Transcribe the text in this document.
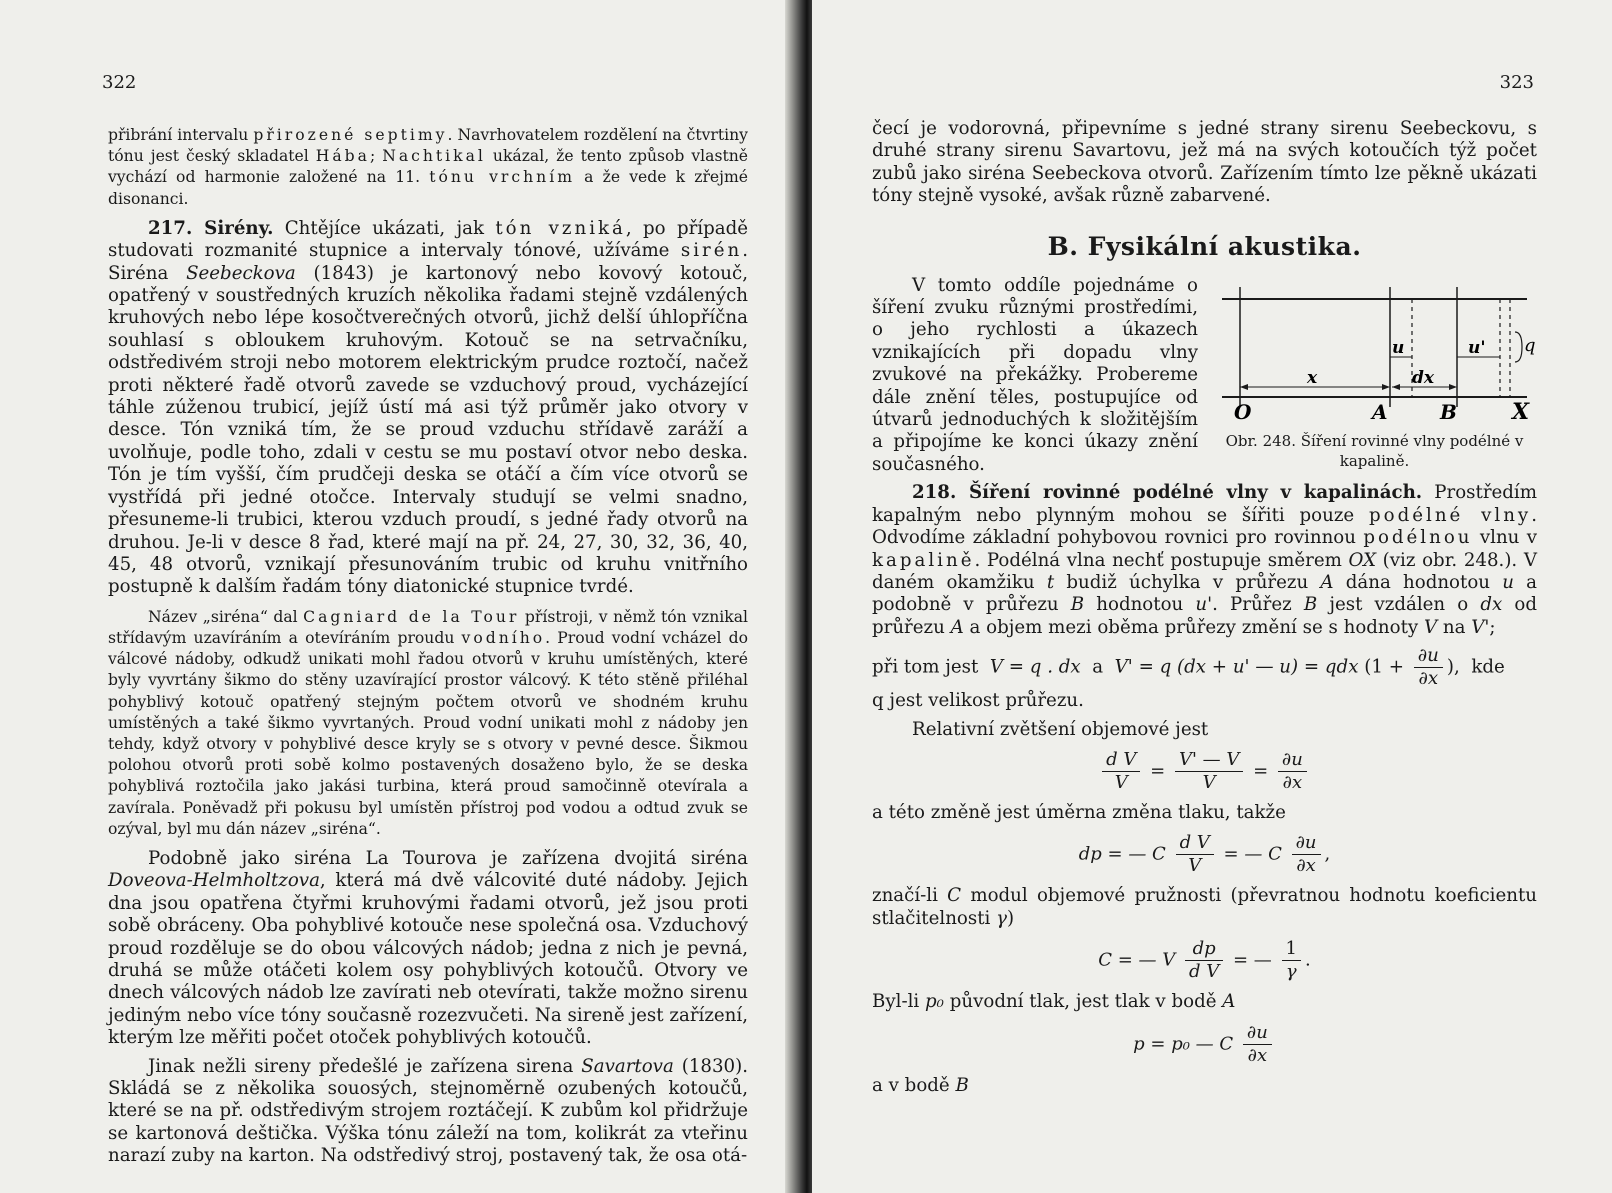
322

přibrání intervalu přirozené septimy. Navrhovatelem rozdělení na čtvrtiny tónu jest český skladatel Hába; Nachtikal ukázal, že tento způsob vlastně vychází od harmonie založené na 11. tónu vrchním a že vede k zřejmé disonanci.

217. Sirény. Chtějíce ukázati, jak tón vzniká, po případě studovati rozmanité stupnice a intervaly tónové, užíváme sirén. Siréna Seebeckova (1843) je kartonový nebo kovový kotouč, opatřený v soustředných kruzích několika řadami stejně vzdálených kruhových nebo lépe kosočtverečných otvorů, jichž delší úhlopříčna souhlasí s obloukem kruhovým. Kotouč se na setrvačníku, odstředivém stroji nebo motorem elektrickým prudce roztočí, načež proti některé řadě otvorů zavede se vzduchový proud, vycházející táhle zúženou trubicí, jejíž ústí má asi týž průměr jako otvory v desce. Tón vzniká tím, že se proud vzduchu střídavě zaráží a uvolňuje, podle toho, zdali v cestu se mu postaví otvor nebo deska. Tón je tím vyšší, čím prudčeji deska se otáčí a čím více otvorů se vystřídá při jedné otočce. Intervaly studují se velmi snadno, přesuneme-li trubici, kterou vzduch proudí, s jedné řady otvorů na druhou. Je-li v desce 8 řad, které mají na př. 24, 27, 30, 32, 36, 40, 45, 48 otvorů, vznikají přesunováním trubic od kruhu vnitřního postupně k dalším řadám tóny diatonické stupnice tvrdé.

Název „siréna“ dal Cagniard de la Tour přístroji, v němž tón vznikal střídavým uzavíráním a otevíráním proudu vodního. Proud vodní vcházel do válcové nádoby, odkudž unikati mohl řadou otvorů v kruhu umístěných, které byly vyvrtány šikmo do stěny uzavírající prostor válcový. K této stěně přiléhal pohyblivý kotouč opatřený stejným počtem otvorů ve shodném kruhu umístěných a také šikmo vyvrtaných. Proud vodní unikati mohl z nádoby jen tehdy, když otvory v pohyblivé desce kryly se s otvory v pevné desce. Šikmou polohou otvorů proti sobě kolmo postavených dosaženo bylo, že se deska pohyblivá roztočila jako jakási turbina, která proud samočinně otevírala a zavírala. Poněvadž při pokusu byl umístěn přístroj pod vodou a odtud zvuk se ozýval, byl mu dán název „siréna“.

Podobně jako siréna La Tourova je zařízena dvojitá siréna Doveova-Helmholtzova, která má dvě válcovité duté nádoby. Jejich dna jsou opatřena čtyřmi kruhovými řadami otvorů, jež jsou proti sobě obráceny. Oba pohyblivé kotouče nese společná osa. Vzduchový proud rozděluje se do obou válcových nádob; jedna z nich je pevná, druhá se může otáčeti kolem osy pohyblivých kotoučů. Otvory ve dnech válcových nádob lze zavírati neb otevírati, takže možno sirenu jediným nebo více tóny současně rozezvučeti. Na sireně jest zařízení, kterým lze měřiti počet otoček pohyblivých kotoučů.

Jinak nežli sireny předešlé je zařízena sirena Savartova (1830). Skládá se z několika souosých, stejnoměrně ozubených kotoučů, které se na př. odstředivým strojem roztáčejí. K zubům kol přidržuje se kartonová deštička. Výška tónu záleží na tom, kolikrát za vteřinu narazí zuby na karton. Na odstředivý stroj, postavený tak, že osa otá-

323

čecí je vodorovná, připevníme s jedné strany sirenu Seebeckovu, s druhé strany sirenu Savartovu, jež má na svých kotoučích týž počet zubů jako siréna Seebeckova otvorů. Zařízením tímto lze pěkně ukázati tóny stejně vysoké, avšak různě zabarvené.

B. Fysikální akustika.
O	A	B	X
x	dx
u	u' q
Obr. 248. Šíření rovinné vlny podélné v kapalině.

V tomto oddíle pojednáme o šíření zvuku různými prostředími, o jeho rychlosti a úkazech vznikajících při dopadu vlny zvukové na překážky. Probereme dále znění těles, postupujíce od útvarů jednoduchých k složitějším a připojíme ke konci úkazy znění současného.

218. Šíření rovinné podélné vlny v kapalinách. Prostředím kapalným nebo plynným mohou se šířiti pouze podélné vlny. Odvodíme základní pohybovou rovnici pro rovinnou podélnou vlnu v kapalině. Podélná vlna nechť postupuje směrem OX (viz obr. 248.). V daném okamžiku t budiž úchylka v průřezu A dána hodnotou u a podobně v průřezu B hodnotou u'. Průřez B jest vzdálen o dx od průřezu A a objem mezi oběma průřezy změní se s hodnoty V na V';

při tom jest V = q . dx a V' = q (dx + u' — u) = qdx ($1 + \frac{\partial u}{\partial x}$ ), kde

q jest velikost průřezu.

Relativní zvětšení objemové jest

$\frac{\text{d V}}{V} = \frac{V' — V}{V} = \frac{\partial u}{\partial x}$

a této změně jest úměrna změna tlaku, takže

dp = — C $\frac{\text{d V}}{V}$ = — C $\frac{\partial u}{\partial x}$ ,

značí-li C modul objemové pružnosti (převratnou hodnotu koeficientu stlačitelnosti γ)

C = — V $\frac{dp}{\text{d V}}$ = — $\frac{1}{\gamma}$ .

Byl-li p₀ původní tlak, jest tlak v bodě A

p = p₀ — C $\frac{\partial u}{\partial x}$

a v bodě B
